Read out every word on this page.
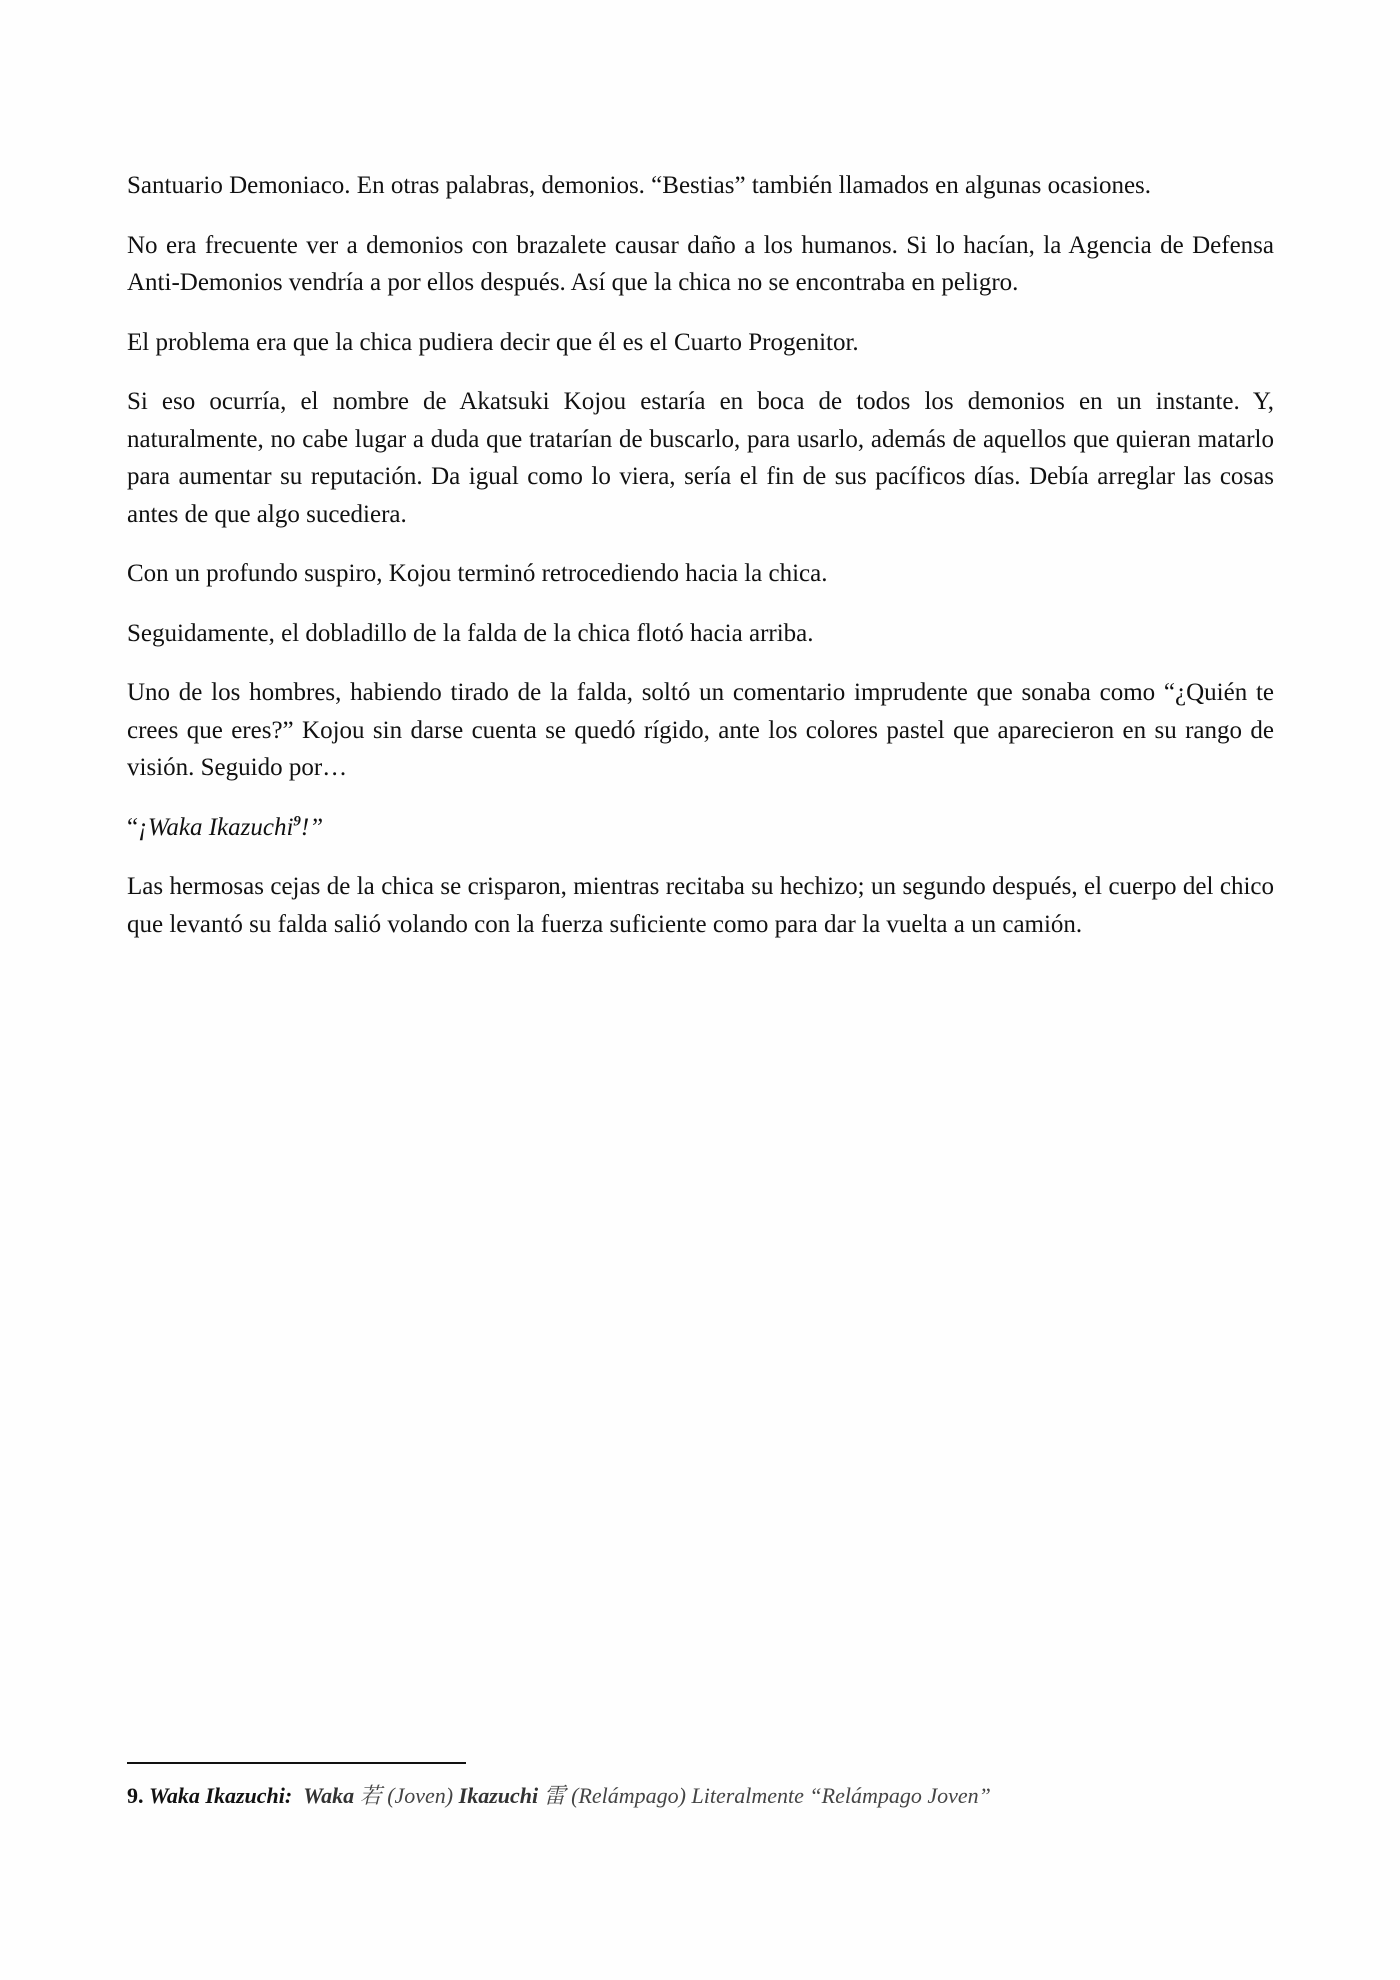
Santuario Demoniaco. En otras palabras, demonios. “Bestias” también llamados en algunas ocasiones.

No era frecuente ver a demonios con brazalete causar daño a los humanos. Si lo hacían, la Agencia de Defensa Anti-Demonios vendría a por ellos después. Así que la chica no se encontraba en peligro.

El problema era que la chica pudiera decir que él es el Cuarto Progenitor.

Si eso ocurría, el nombre de Akatsuki Kojou estaría en boca de todos los demonios en un instante. Y, naturalmente, no cabe lugar a duda que tratarían de buscarlo, para usarlo, además de aquellos que quieran matarlo para aumentar su reputación. Da igual como lo viera, sería el fin de sus pacíficos días. Debía arreglar las cosas antes de que algo sucediera.

Con un profundo suspiro, Kojou terminó retrocediendo hacia la chica.

Seguidamente, el dobladillo de la falda de la chica flotó hacia arriba.

Uno de los hombres, habiendo tirado de la falda, soltó un comentario imprudente que sonaba como “¿Quién te crees que eres?” Kojou sin darse cuenta se quedó rígido, ante los colores pastel que aparecieron en su rango de visión. Seguido por…

“¡Waka Ikazuchi$^9$!”

Las hermosas cejas de la chica se crisparon, mientras recitaba su hechizo; un segundo después, el cuerpo del chico que levantó su falda salió volando con la fuerza suficiente como para dar la vuelta a un camión.

9. Waka Ikazuchi: Waka 若 (Joven) Ikazuchi 雷 (Relámpago) Literalmente “Relámpago Joven”
